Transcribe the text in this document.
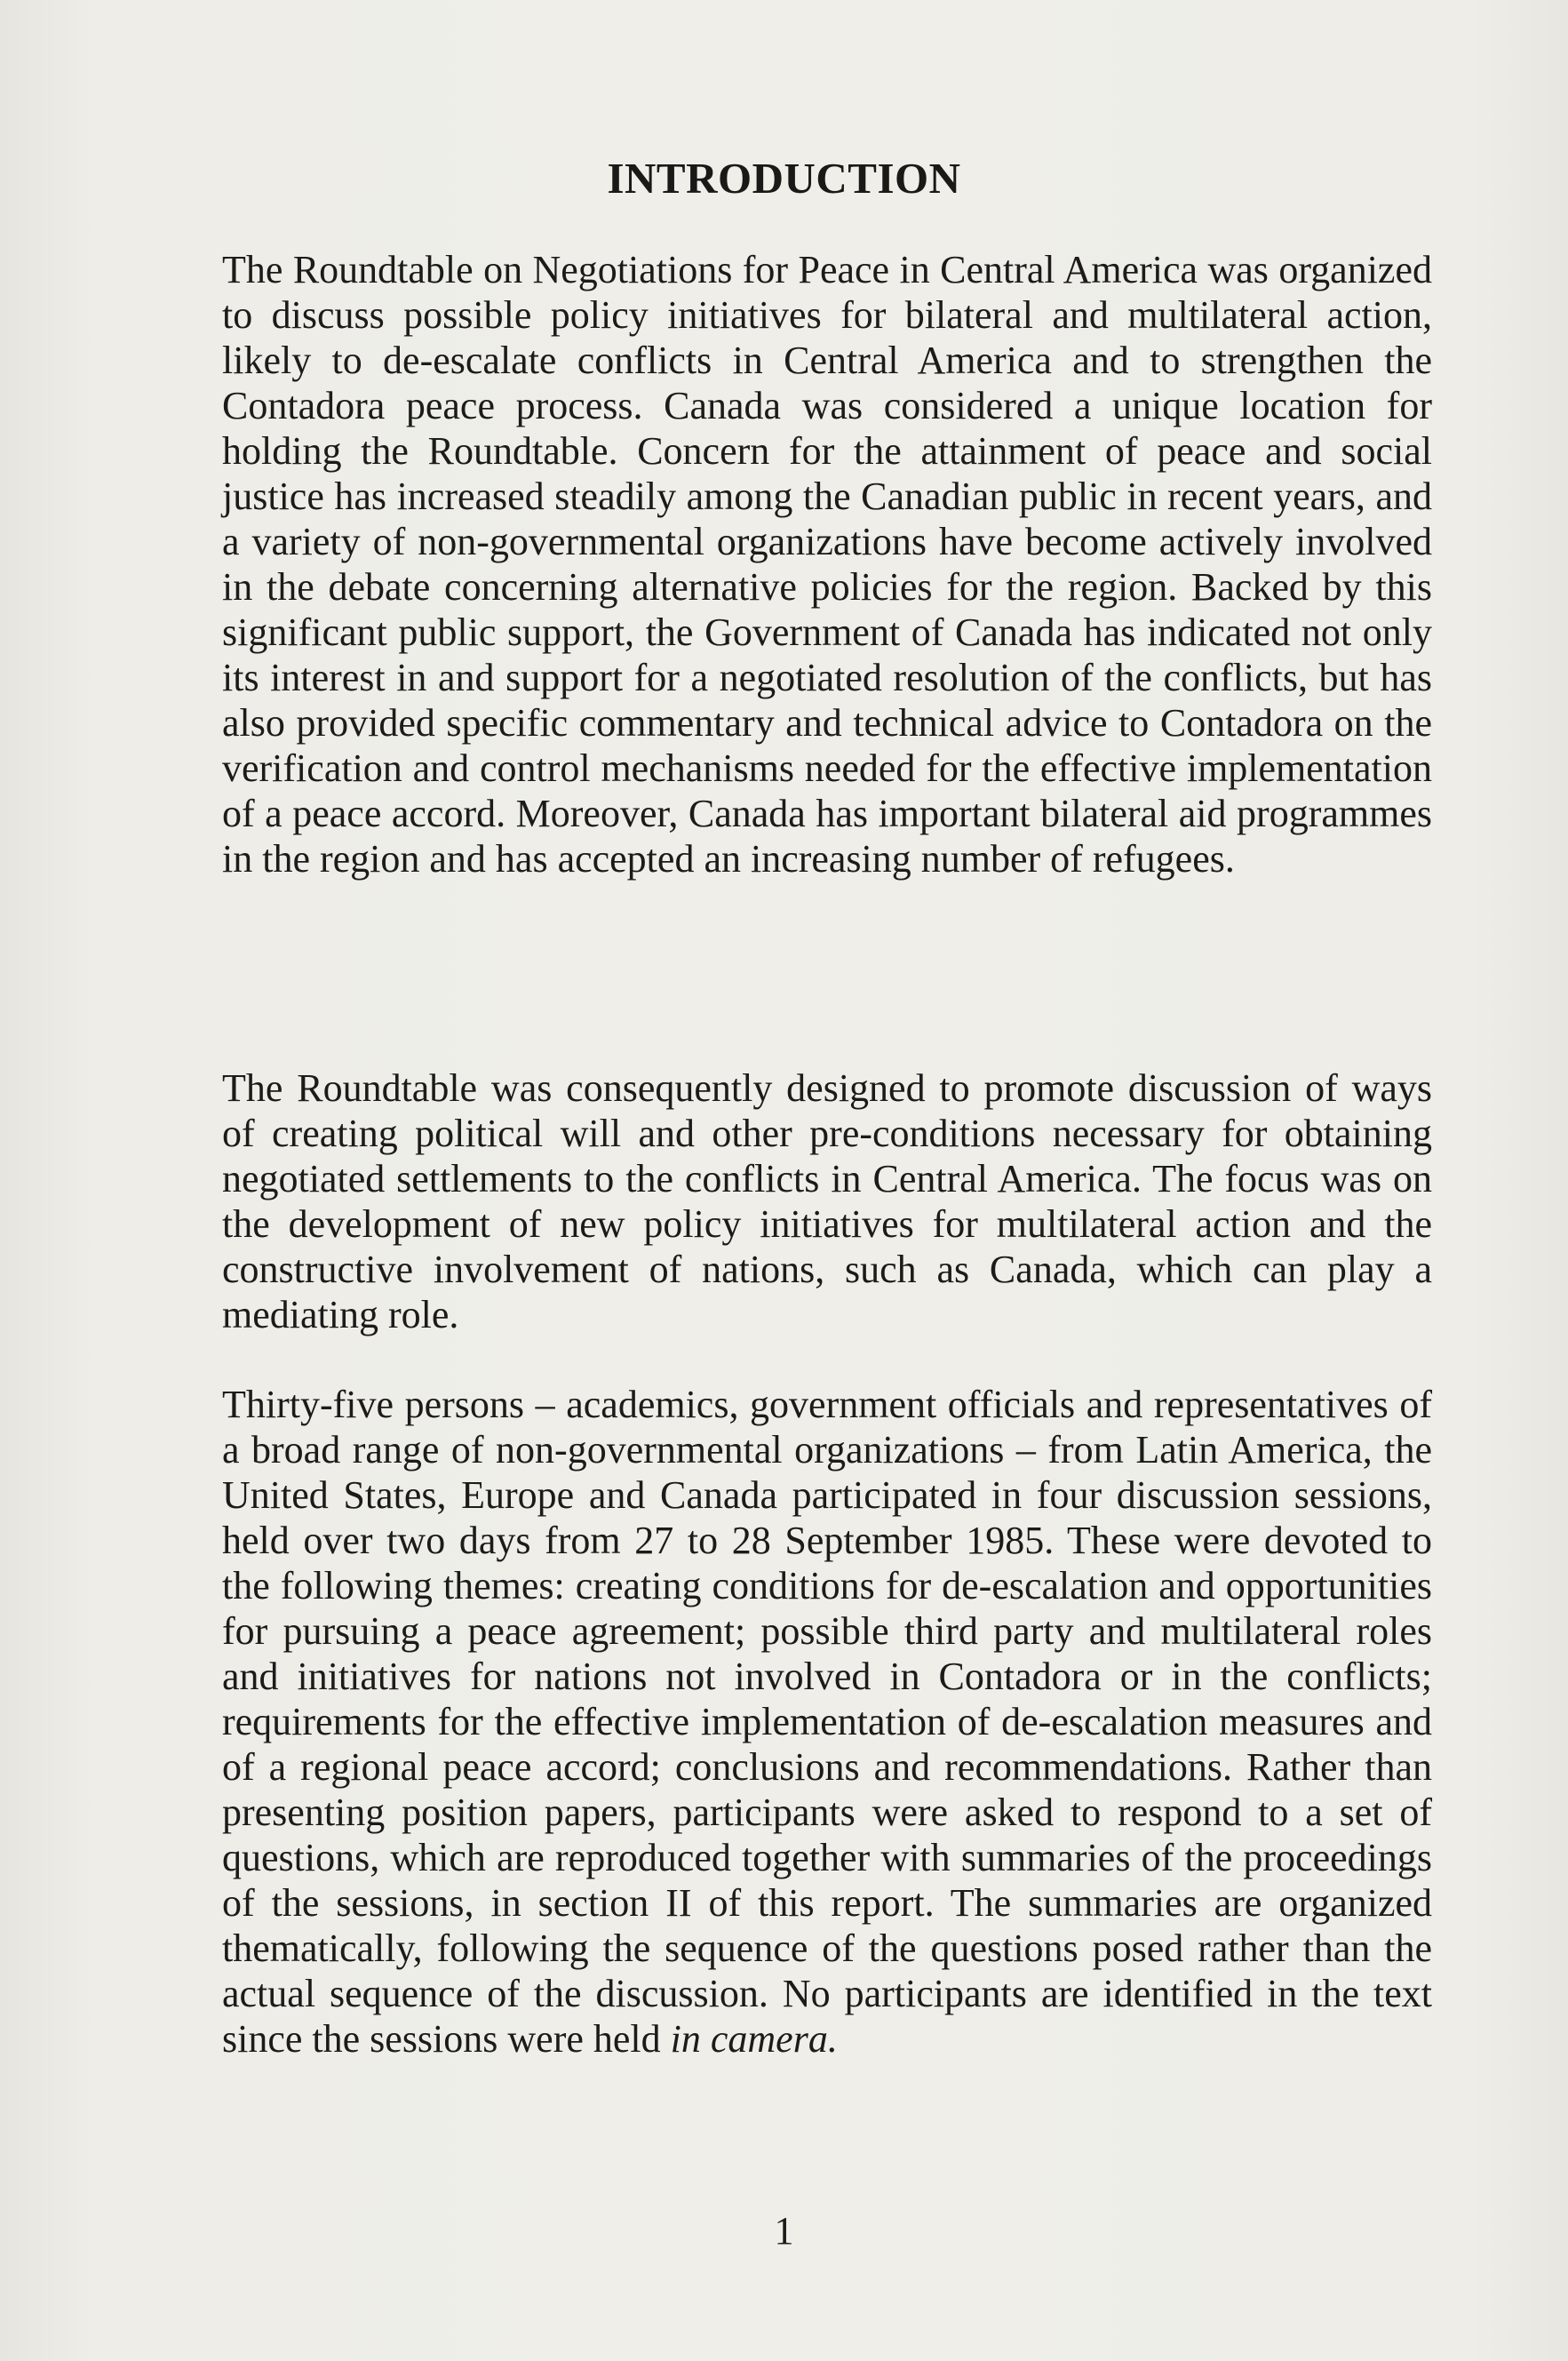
INTRODUCTION

The Roundtable on Negotiations for Peace in Central America was organized to discuss possible policy initiatives for bilateral and multilateral action, likely to de-escalate conflicts in Central America and to strengthen the Contadora peace process. Canada was considered a unique location for holding the Roundtable. Concern for the attainment of peace and social justice has increased steadily among the Canadian public in recent years, and a variety of non-governmental organizations have become actively involved in the debate concerning alternative policies for the region. Backed by this significant public support, the Government of Canada has indicated not only its interest in and support for a negotiated resolution of the conflicts, but has also provided specific commentary and technical advice to Contadora on the verification and control mechanisms needed for the effective implementation of a peace accord. Moreover, Canada has important bilateral aid programmes in the region and has accepted an increasing number of refugees.

The Roundtable was consequently designed to promote discussion of ways of creating political will and other pre-conditions necessary for obtaining negotiated settlements to the conflicts in Central America. The focus was on the development of new policy initiatives for multilateral action and the constructive involvement of nations, such as Canada, which can play a mediating role.

Thirty-five persons – academics, government officials and representatives of a broad range of non-governmental organizations – from Latin America, the United States, Europe and Canada participated in four discussion sessions, held over two days from 27 to 28 September 1985. These were devoted to the following themes: creating conditions for de-escalation and opportunities for pursuing a peace agreement; possible third party and multilateral roles and initiatives for nations not involved in Contadora or in the conflicts; requirements for the effective implementation of de-escalation measures and of a regional peace accord; conclusions and recommendations. Rather than presenting position papers, participants were asked to respond to a set of questions, which are reproduced together with summaries of the proceedings of the sessions, in section II of this report. The summaries are organized thematically, following the sequence of the questions posed rather than the actual sequence of the discussion. No participants are identified in the text since the sessions were held in camera.

1
